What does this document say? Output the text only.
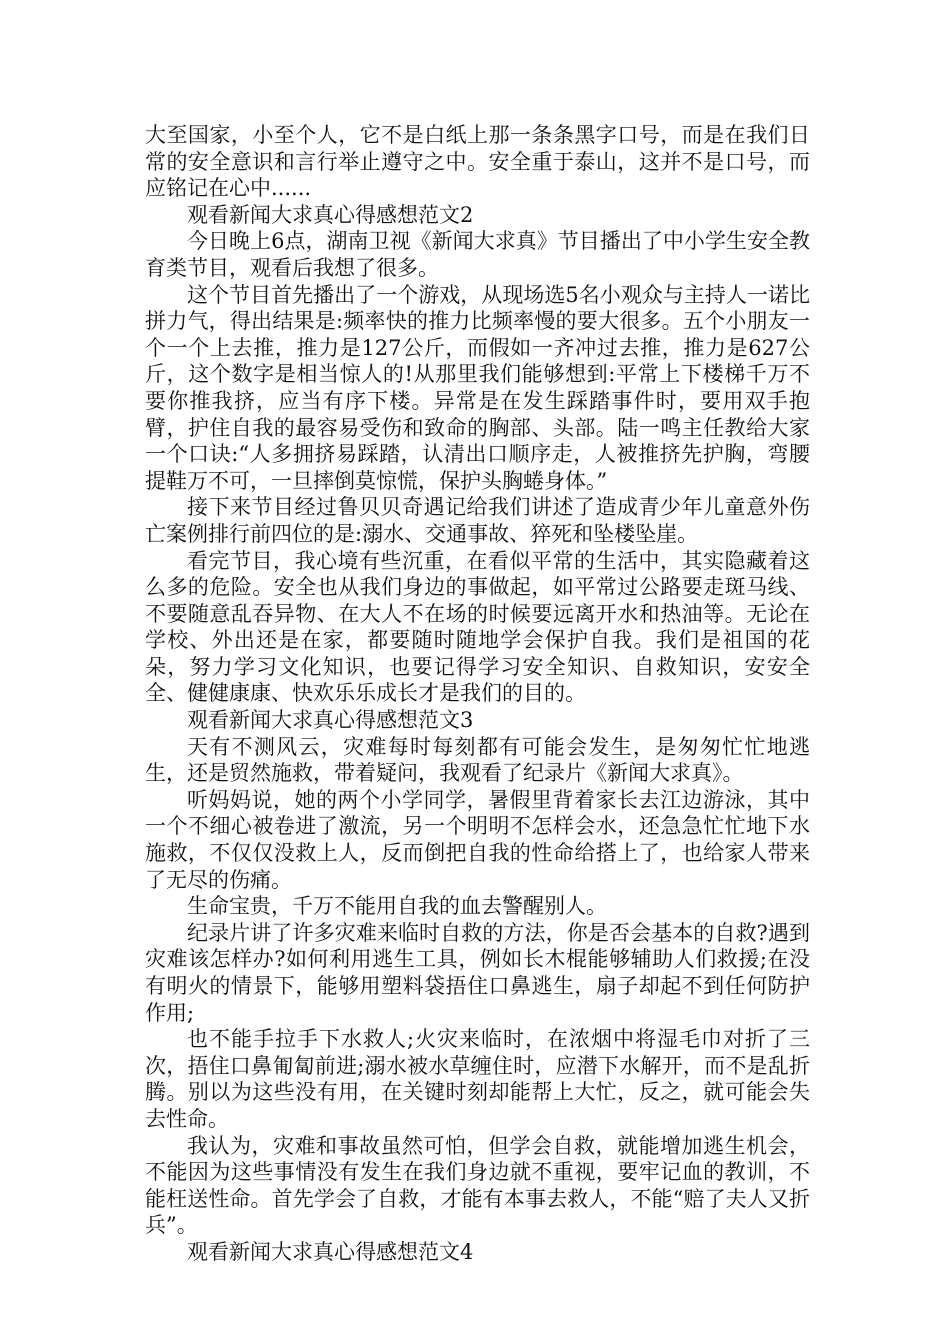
大至国家，小至个人，它不是白纸上那一条条黑字口号，而是在我们日常的安全意识和言行举止遵守之中。安全重于泰山，这并不是口号，而应铭记在心中......

观看新闻大求真心得感想范文2

今日晚上6点，湖南卫视《新闻大求真》节目播出了中小学生安全教育类节目，观看后我想了很多。

这个节目首先播出了一个游戏，从现场选5名小观众与主持人一诺比拼力气，得出结果是:频率快的推力比频率慢的要大很多。五个小朋友一个一个上去推，推力是127公斤，而假如一齐冲过去推，推力是627公斤，这个数字是相当惊人的!从那里我们能够想到:平常上下楼梯千万不要你推我挤，应当有序下楼。异常是在发生踩踏事件时，要用双手抱臂，护住自我的最容易受伤和致命的胸部、头部。陆一鸣主任教给大家一个口诀:“人多拥挤易踩踏，认清出口顺序走，人被推挤先护胸，弯腰提鞋万不可，一旦摔倒莫惊慌，保护头胸蜷身体。”

接下来节目经过鲁贝贝奇遇记给我们讲述了造成青少年儿童意外伤亡案例排行前四位的是:溺水、交通事故、猝死和坠楼坠崖。

看完节目，我心境有些沉重，在看似平常的生活中，其实隐藏着这么多的危险。安全也从我们身边的事做起，如平常过公路要走斑马线、不要随意乱吞异物、在大人不在场的时候要远离开水和热油等。无论在学校、外出还是在家，都要随时随地学会保护自我。我们是祖国的花朵，努力学习文化知识，也要记得学习安全知识、自救知识，安安全全、健健康康、快欢乐乐成长才是我们的目的。

观看新闻大求真心得感想范文3

天有不测风云，灾难每时每刻都有可能会发生，是匆匆忙忙地逃生，还是贸然施救，带着疑问，我观看了纪录片《新闻大求真》。

听妈妈说，她的两个小学同学，暑假里背着家长去江边游泳，其中一个不细心被卷进了激流，另一个明明不怎样会水，还急急忙忙地下水施救，不仅仅没救上人，反而倒把自我的性命给搭上了，也给家人带来了无尽的伤痛。

生命宝贵，千万不能用自我的血去警醒别人。

纪录片讲了许多灾难来临时自救的方法，你是否会基本的自救?遇到灾难该怎样办?如何利用逃生工具，例如长木棍能够辅助人们救援;在没有明火的情景下，能够用塑料袋捂住口鼻逃生，扇子却起不到任何防护作用;

也不能手拉手下水救人;火灾来临时，在浓烟中将湿毛巾对折了三次，捂住口鼻匍匐前进;溺水被水草缠住时，应潜下水解开，而不是乱折腾。别以为这些没有用，在关键时刻却能帮上大忙，反之，就可能会失去性命。

我认为，灾难和事故虽然可怕，但学会自救，就能增加逃生机会，不能因为这些事情没有发生在我们身边就不重视，要牢记血的教训，不能枉送性命。首先学会了自救，才能有本事去救人，不能“赔了夫人又折兵”。

观看新闻大求真心得感想范文4
